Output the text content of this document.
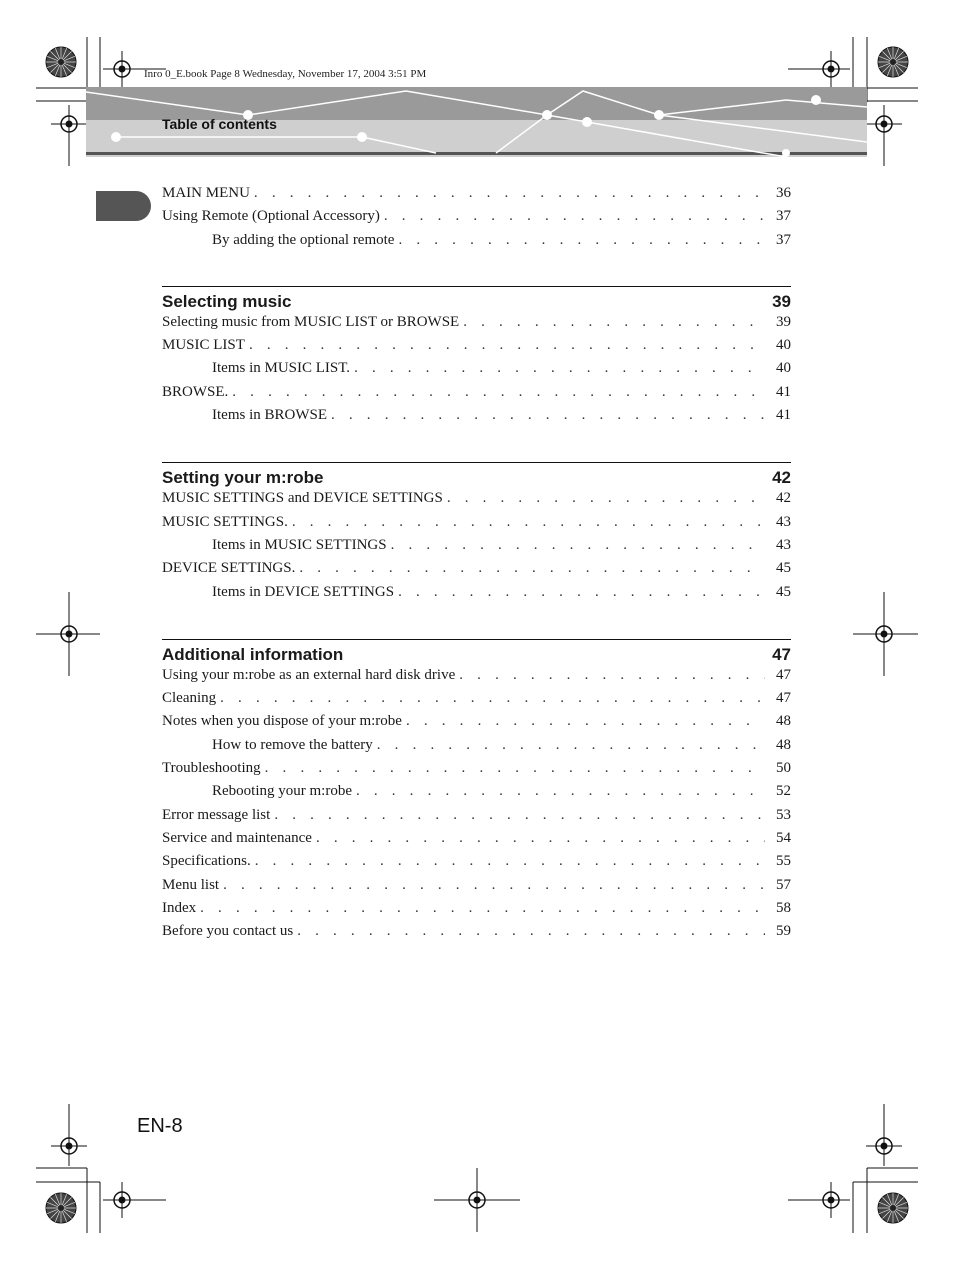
Inro 0_E.book Page 8 Wednesday, November 17, 2004 3:51 PM
Table of contents
MAIN MENU . . .	36
Using Remote (Optional Accessory) . . .	37
By adding the optional remote . . .	37
Selecting music	39
Selecting music from MUSIC LIST or BROWSE . . .	39
MUSIC LIST . . .	40
Items in MUSIC LIST. . . .	40
BROWSE. . . .	41
Items in BROWSE . . .	41
Setting your m:robe	42
MUSIC SETTINGS and DEVICE SETTINGS . . .	42
MUSIC SETTINGS. . . .	43
Items in MUSIC SETTINGS . . .	43
DEVICE SETTINGS. . . .	45
Items in DEVICE SETTINGS . . .	45
Additional information	47
Using your m:robe as an external hard disk drive . . .	47
Cleaning . . .	47
Notes when you dispose of your m:robe . . .	48
How to remove the battery . . .	48
Troubleshooting . . .	50
Rebooting your m:robe . . .	52
Error message list . . .	53
Service and maintenance . . .	54
Specifications. . . .	55
Menu list . . .	57
Index . . .	58
Before you contact us . . .	59
EN-8
